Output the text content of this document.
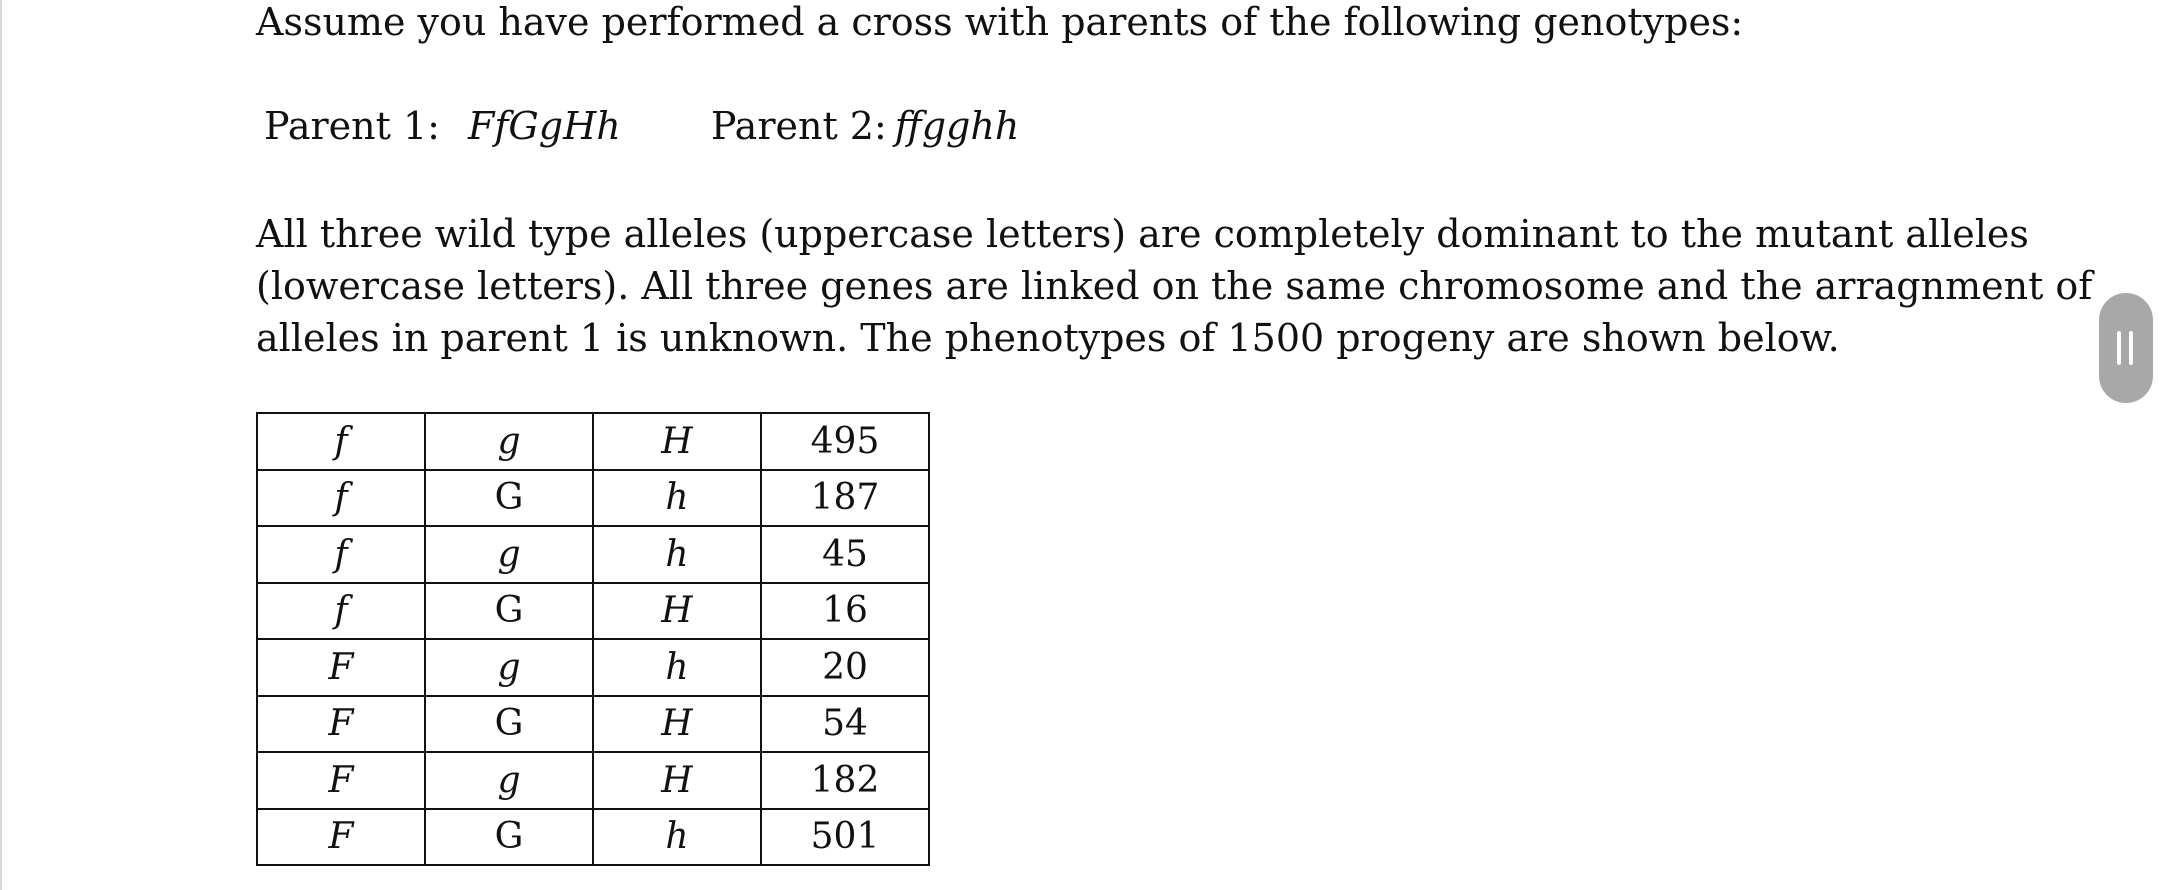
Assume you have performed a cross with parents of the following genotypes:
Parent 1: FfGgHh Parent 2: ffgghh
All three wild type alleles (uppercase letters) are completely dominant to the mutant alleles
(lowercase letters). All three genes are linked on the same chromosome and the arragnment of
alleles in parent 1 is unknown. The phenotypes of 1500 progeny are shown below.
f	g	H	495
f	G	h	187
f	g	h	45
f	G	H	16
F	g	h	20
F	G	H	54
F	g	H	182
F	G	h	501
